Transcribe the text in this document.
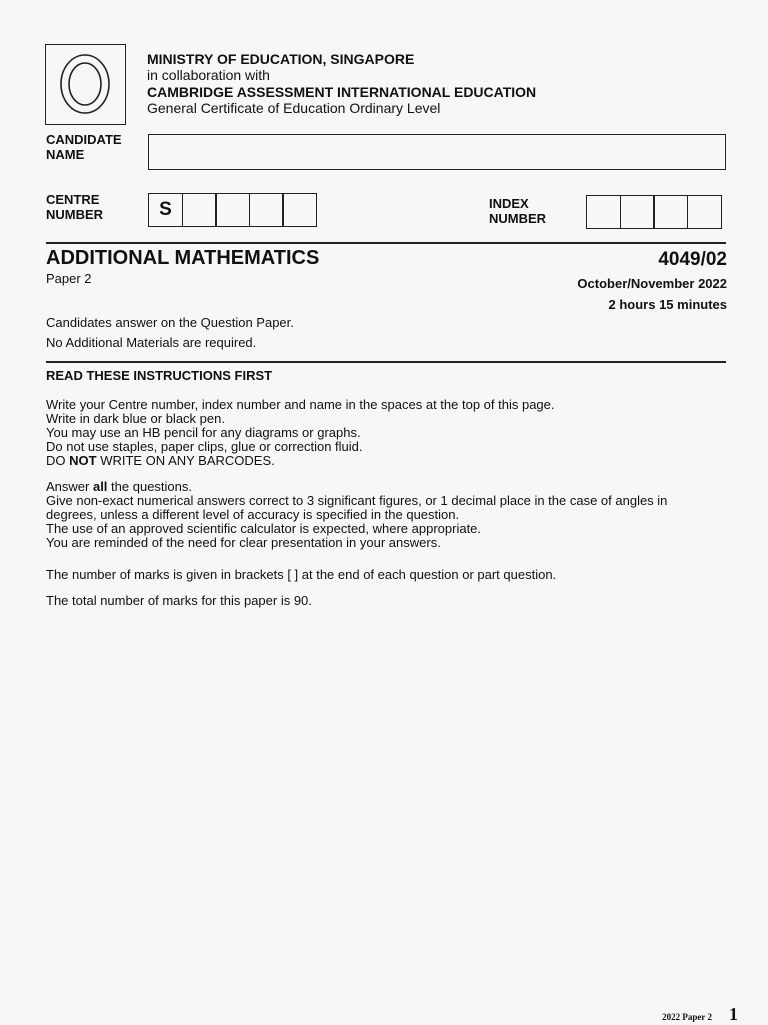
MINISTRY OF EDUCATION, SINGAPORE
in collaboration with
CAMBRIDGE ASSESSMENT INTERNATIONAL EDUCATION
General Certificate of Education Ordinary Level
CANDIDATE
NAME
CENTRE
NUMBER	S	INDEX
NUMBER
ADDITIONAL MATHEMATICS	4049/02
Paper 2	October/November 2022
2 hours 15 minutes
Candidates answer on the Question Paper.
No Additional Materials are required.
READ THESE INSTRUCTIONS FIRST
Write your Centre number, index number and name in the spaces at the top of this page.
Write in dark blue or black pen.
You may use an HB pencil for any diagrams or graphs.
Do not use staples, paper clips, glue or correction fluid.
DO NOT WRITE ON ANY BARCODES.
Answer all the questions.
Give non-exact numerical answers correct to 3 significant figures, or 1 decimal place in the case of angles in
degrees, unless a different level of accuracy is specified in the question.
The use of an approved scientific calculator is expected, where appropriate.
You are reminded of the need for clear presentation in your answers.
The number of marks is given in brackets [ ] at the end of each question or part question.
The total number of marks for this paper is 90.
2022 Paper 2 1
